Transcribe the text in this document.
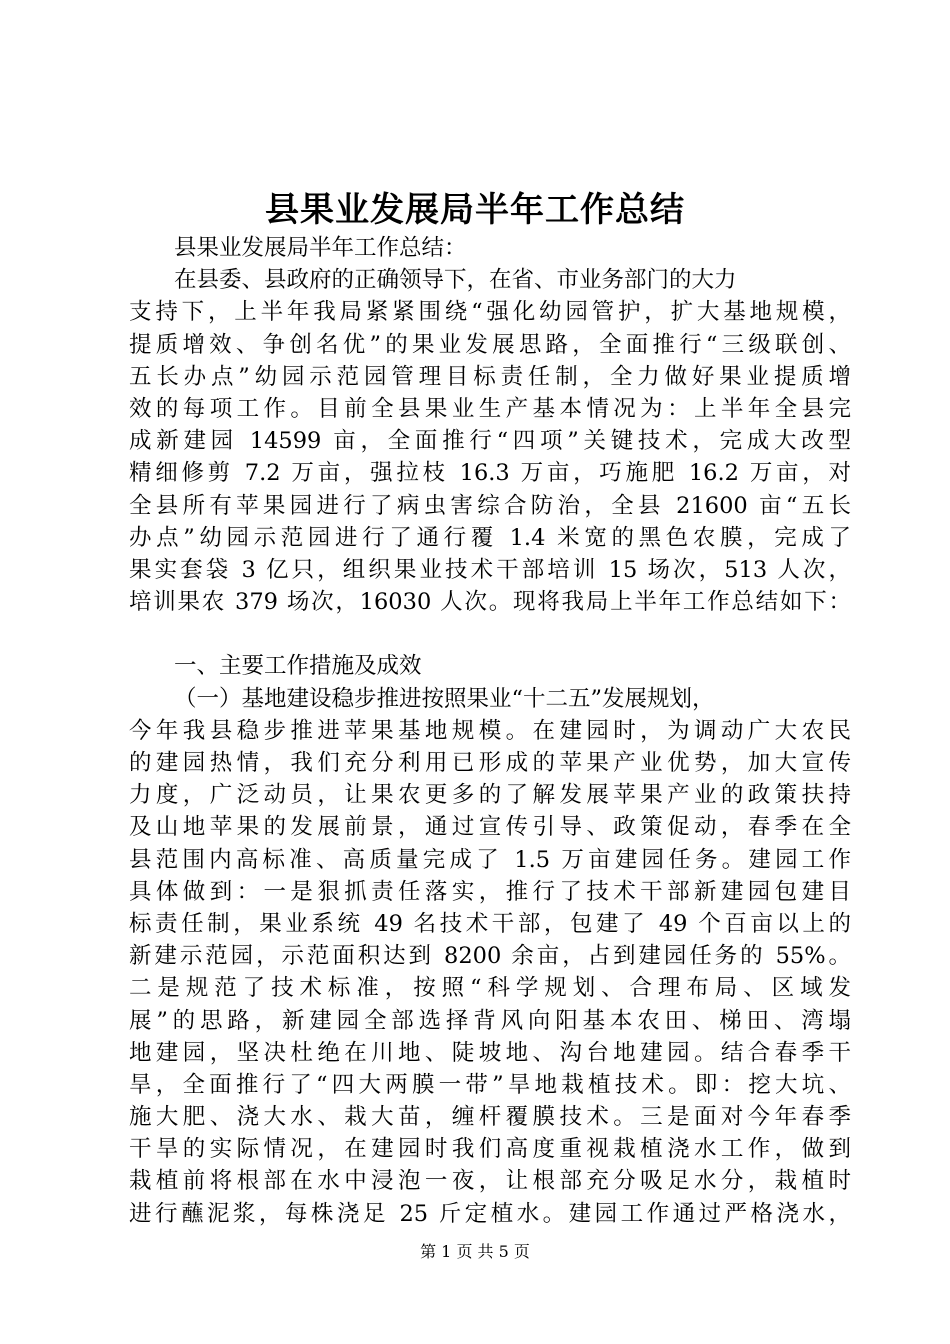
县果业发展局半年工作总结
县果业发展局半年工作总结：
在县委、县政府的正确领导下，在省、市业务部门的大力
支持下，上半年我局紧紧围绕“强化幼园管护，扩大基地规模，
提质增效、争创名优”的果业发展思路，全面推行“三级联创、
五长办点”幼园示范园管理目标责任制，全力做好果业提质增
效的每项工作。目前全县果业生产基本情况为：上半年全县完
成新建园 14599 亩，全面推行“四项”关键技术，完成大改型
精细修剪 7.2 万亩，强拉枝 16.3 万亩，巧施肥 16.2 万亩，对
全县所有苹果园进行了病虫害综合防治，全县 21600 亩“五长
办点”幼园示范园进行了通行覆 1.4 米宽的黑色农膜，完成了
果实套袋 3 亿只，组织果业技术干部培训 15 场次，513 人次，
培训果农 379 场次，16030 人次。现将我局上半年工作总结如下：
一、主要工作措施及成效
（一）基地建设稳步推进按照果业“十二五”发展规划，
今年我县稳步推进苹果基地规模。在建园时，为调动广大农民
的建园热情，我们充分利用已形成的苹果产业优势，加大宣传
力度，广泛动员，让果农更多的了解发展苹果产业的政策扶持
及山地苹果的发展前景，通过宣传引导、政策促动，春季在全
县范围内高标准、高质量完成了 1.5 万亩建园任务。建园工作
具体做到：一是狠抓责任落实，推行了技术干部新建园包建目
标责任制，果业系统 49 名技术干部，包建了 49 个百亩以上的
新建示范园，示范面积达到 8200 余亩，占到建园任务的 55%。
二是规范了技术标准，按照“科学规划、合理布局、区域发
展”的思路，新建园全部选择背风向阳基本农田、梯田、湾塌
地建园，坚决杜绝在川地、陡坡地、沟台地建园。结合春季干
旱，全面推行了“四大两膜一带”旱地栽植技术。即：挖大坑、
施大肥、浇大水、栽大苗，缠杆覆膜技术。三是面对今年春季
干旱的实际情况，在建园时我们高度重视栽植浇水工作，做到
栽植前将根部在水中浸泡一夜，让根部充分吸足水分，栽植时
进行蘸泥浆，每株浇足 25 斤定植水。建园工作通过严格浇水，
第 1 页 共 5 页
